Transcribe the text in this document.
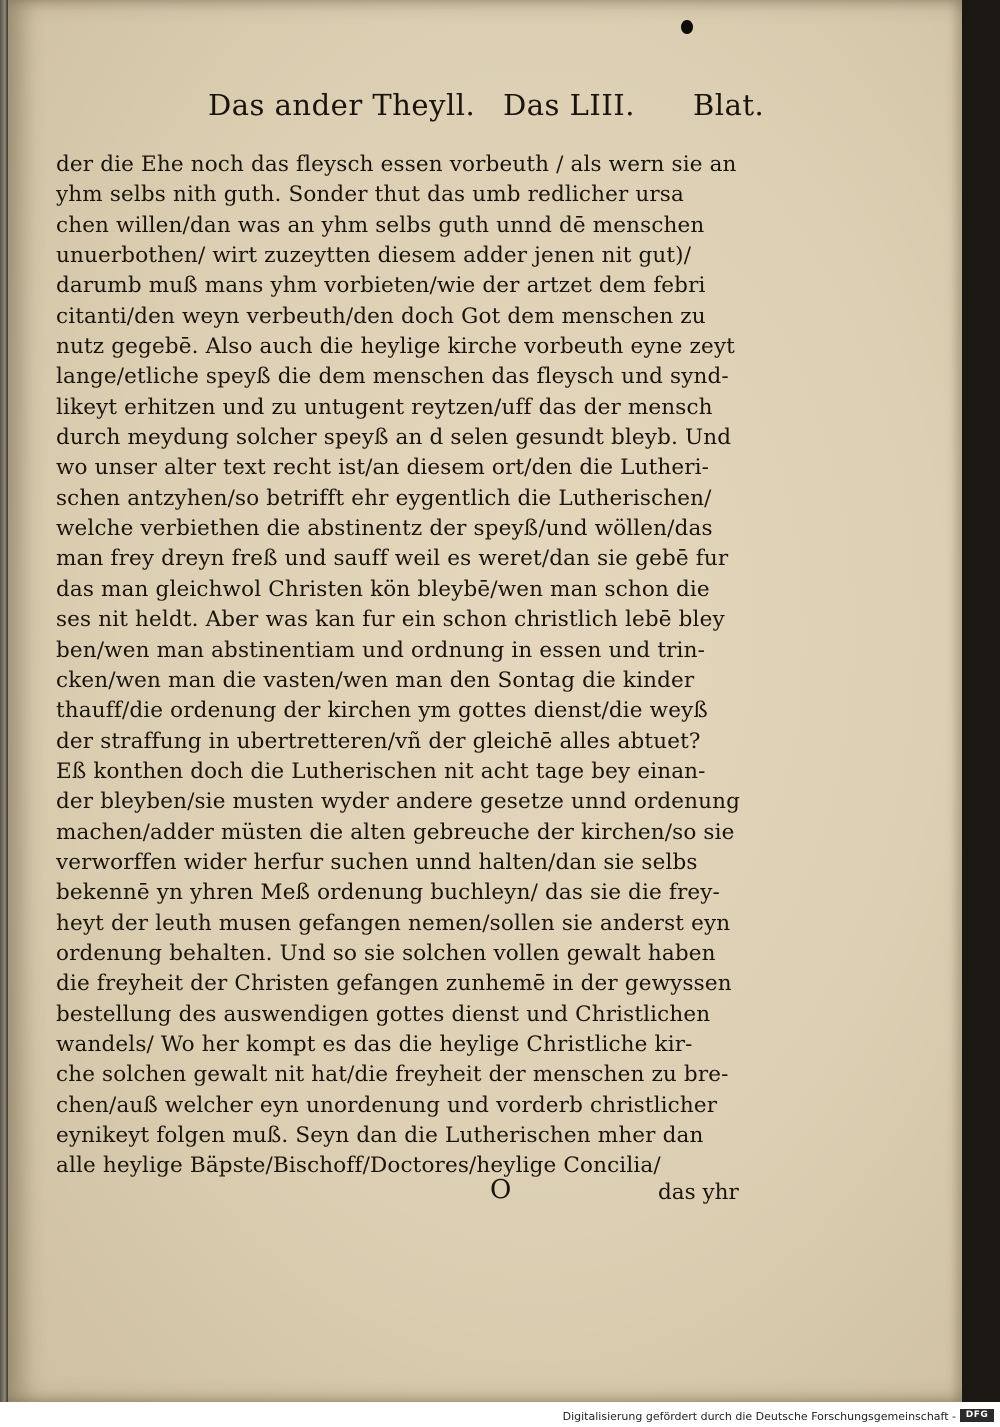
Das ander Theyll. Das LIII. Blat.
der die Ehe noch das fleysch essen vorbeuth / als wern sie an
yhm selbs nith guth. Sonder thut das umb redlicher ursa
chen willen/dan was an yhm selbs guth unnd dē menschen
unuerbothen/ wirt zuzeytten diesem adder jenen nit gut)/
darumb muß mans yhm vorbieten/wie der artzet dem febri
citanti/den weyn verbeuth/den doch Got dem menschen zu
nutz gegebē. Also auch die heylige kirche vorbeuth eyne zeyt
lange/etliche speyß die dem menschen das fleysch und synd-
likeyt erhitzen und zu untugent reytzen/uff das der mensch
durch meydung solcher speyß an d selen gesundt bleyb. Und
wo unser alter text recht ist/an diesem ort/den die Lutheri-
schen antzyhen/so betrifft ehr eygentlich die Lutherischen/
welche verbiethen die abstinentz der speyß/und wöllen/das
man frey dreyn freß und sauff weil es weret/dan sie gebē fur
das man gleichwol Christen kön bleybē/wen man schon die
ses nit heldt. Aber was kan fur ein schon christlich lebē bley
ben/wen man abstinentiam und ordnung in essen und trin-
cken/wen man die vasten/wen man den Sontag die kinder
thauff/die ordenung der kirchen ym gottes dienst/die weyß
der straffung in ubertretteren/vñ der gleichē alles abtuet?
Eß konthen doch die Lutherischen nit acht tage bey einan-
der bleyben/sie musten wyder andere gesetze unnd ordenung
machen/adder müsten die alten gebreuche der kirchen/so sie
verworffen wider herfur suchen unnd halten/dan sie selbs
bekennē yn yhren Meß ordenung buchleyn/ das sie die frey-
heyt der leuth musen gefangen nemen/sollen sie anderst eyn
ordenung behalten. Und so sie solchen vollen gewalt haben
die freyheit der Christen gefangen zunhemē in der gewyssen
bestellung des auswendigen gottes dienst und Christlichen
wandels/ Wo her kompt es das die heylige Christliche kir-
che solchen gewalt nit hat/die freyheit der menschen zu bre-
chen/auß welcher eyn unordenung und vorderb christlicher
eynikeyt folgen muß. Seyn dan die Lutherischen mher dan
alle heylige Bäpste/Bischoff/Doctores/heylige Concilia/
O	das yhr
Digitalisierung gefördert durch die Deutsche Forschungsgemeinschaft -	DFG
